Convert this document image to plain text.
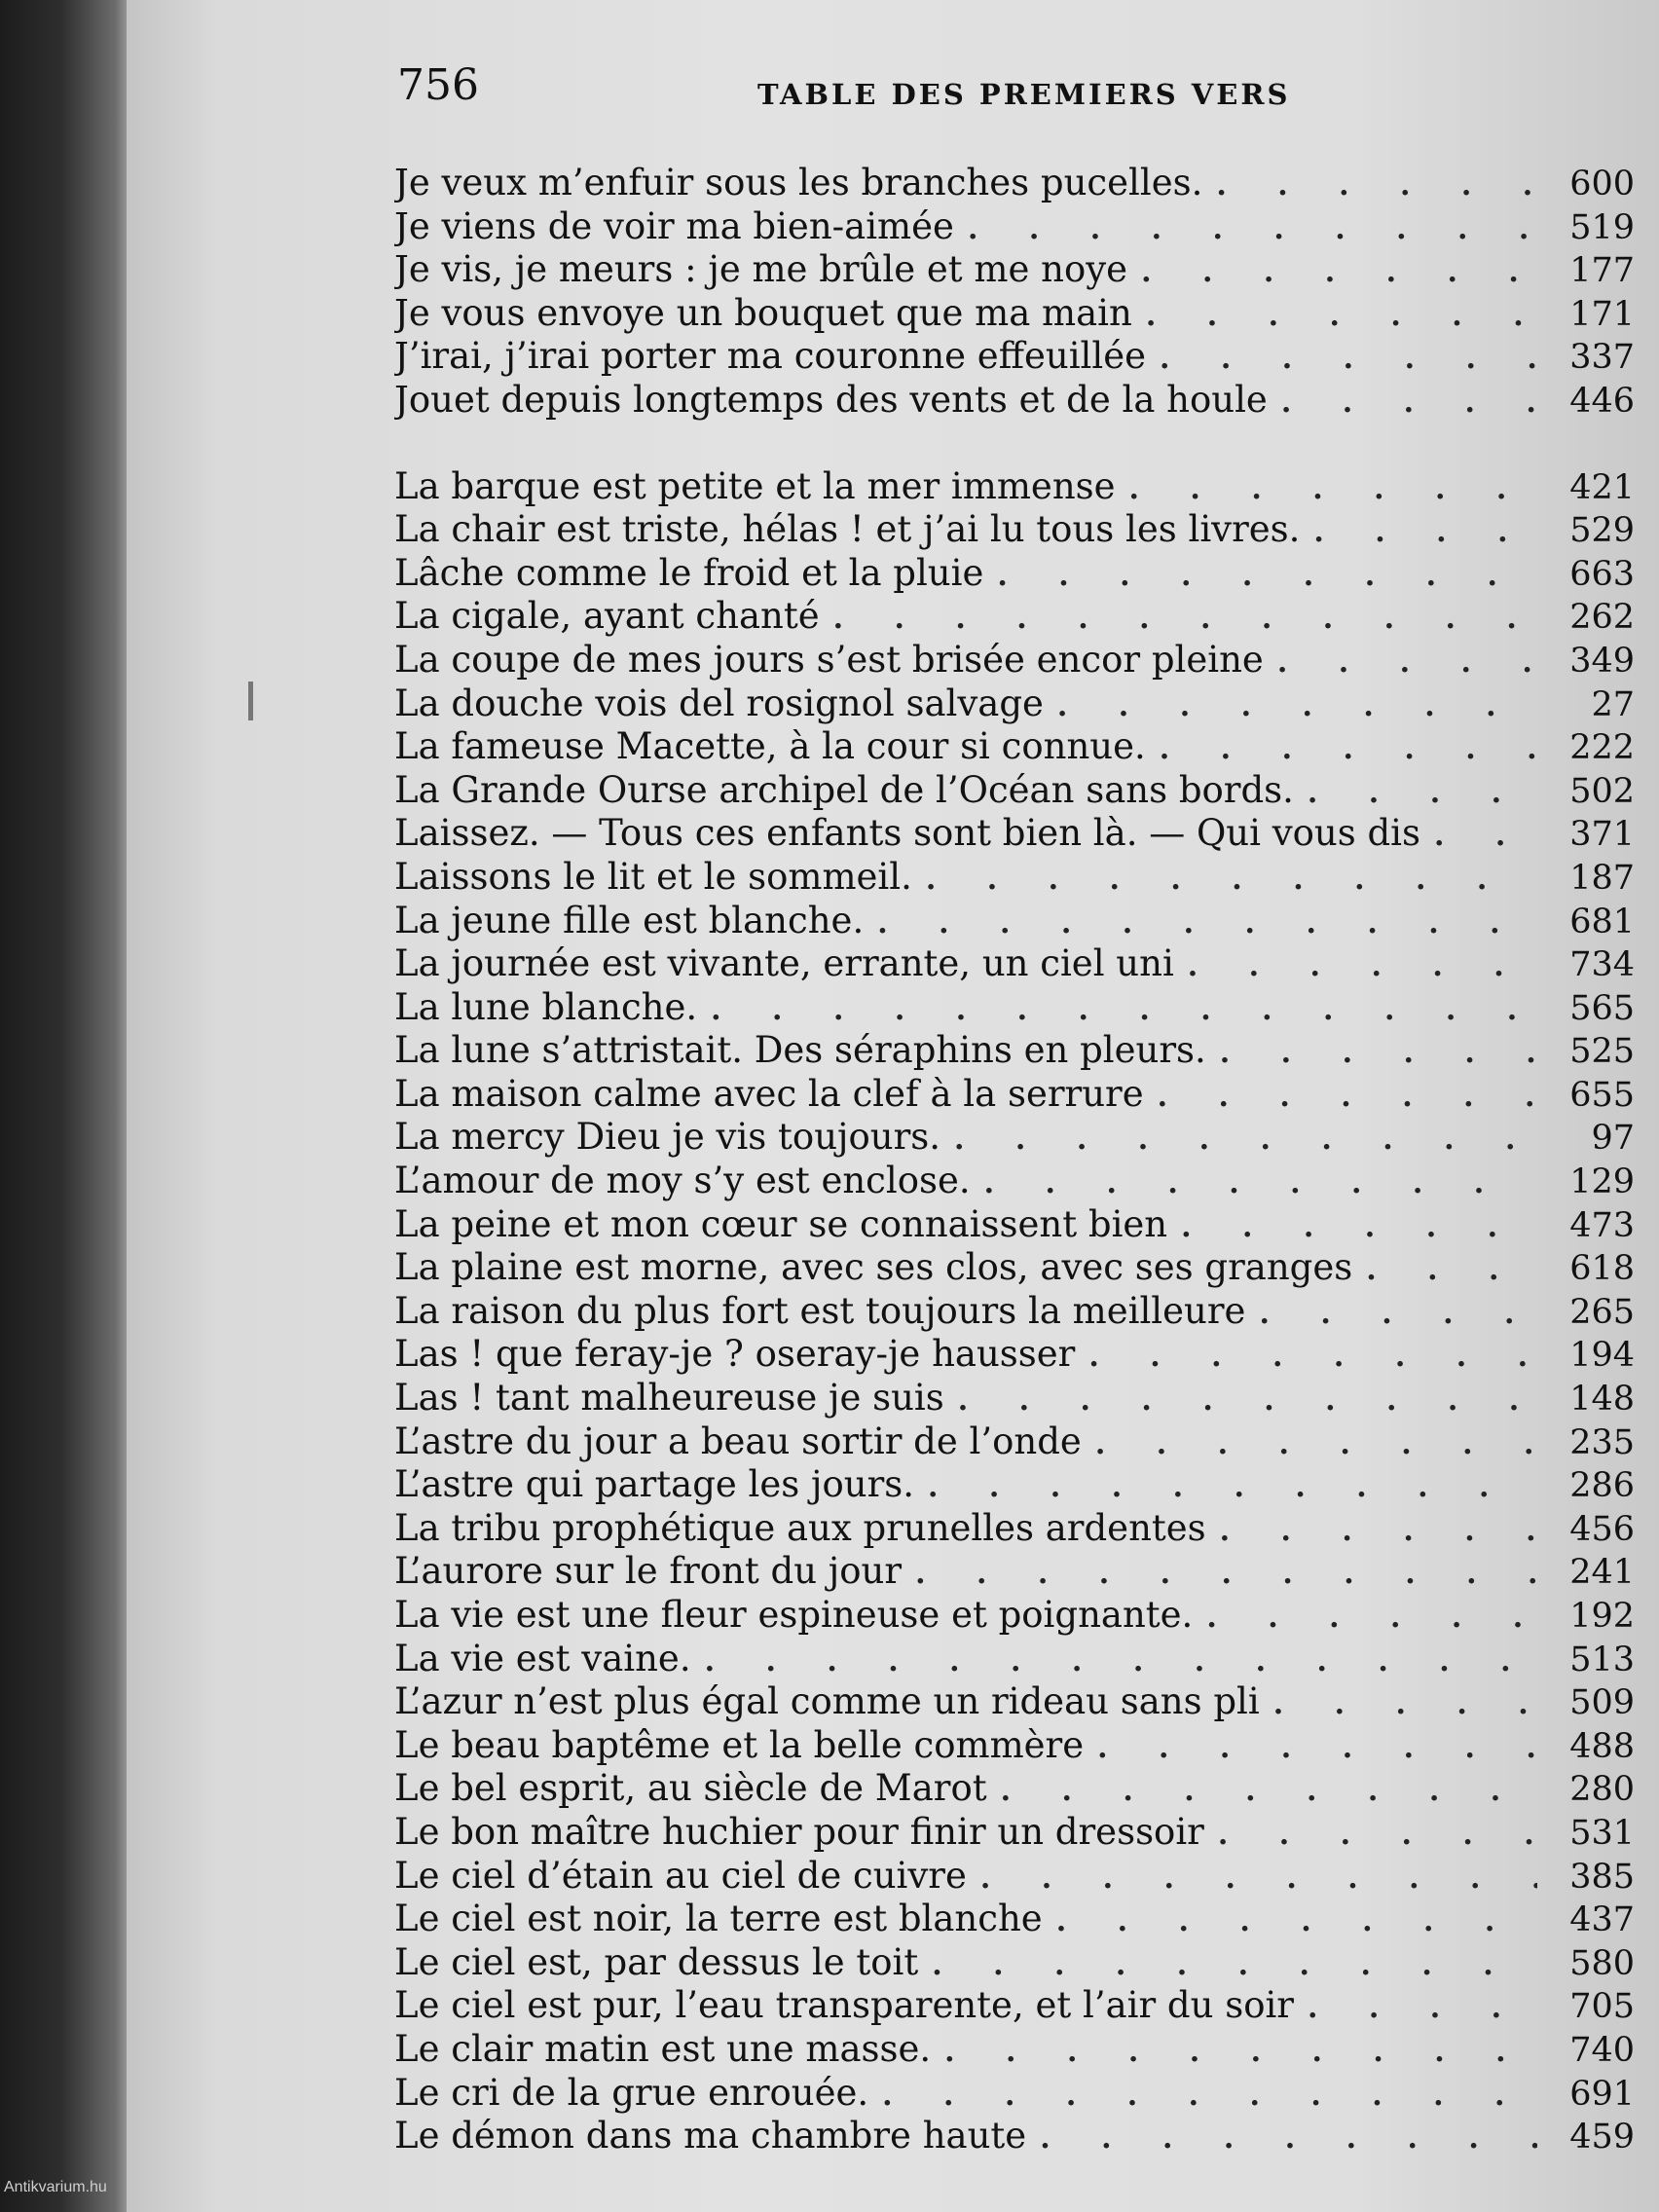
756	TABLE DES PREMIERS VERS
Je veux m’enfuir sous les branches pucelles. . . .	600
Je viens de voir ma bien-aimée . . .	519
Je vis, je meurs : je me brûle et me noye . . .	177
Je vous envoye un bouquet que ma main . . .	171
J’irai, j’irai porter ma couronne effeuillée . . .	337
Jouet depuis longtemps des vents et de la houle . . .	446
La barque est petite et la mer immense . . .	421
La chair est triste, hélas ! et j’ai lu tous les livres. . . .	529
Lâche comme le froid et la pluie . . .	663
La cigale, ayant chanté . . .	262
La coupe de mes jours s’est brisée encor pleine . . .	349
La douche vois del rosignol salvage . . .	27
La fameuse Macette, à la cour si connue. . . .	222
La Grande Ourse archipel de l’Océan sans bords. . . .	502
Laissez. — Tous ces enfants sont bien là. — Qui vous dis . . .	371
Laissons le lit et le sommeil. . . .	187
La jeune fille est blanche. . . .	681
La journée est vivante, errante, un ciel uni . . .	734
La lune blanche. . . .	565
La lune s’attristait. Des séraphins en pleurs. . . .	525
La maison calme avec la clef à la serrure . . .	655
La mercy Dieu je vis toujours. . . .	97
L’amour de moy s’y est enclose. . . .	129
La peine et mon cœur se connaissent bien . . .	473
La plaine est morne, avec ses clos, avec ses granges . . .	618
La raison du plus fort est toujours la meilleure . . .	265
Las ! que feray-je ? oseray-je hausser . . .	194
Las ! tant malheureuse je suis . . .	148
L’astre du jour a beau sortir de l’onde . . .	235
L’astre qui partage les jours. . . .	286
La tribu prophétique aux prunelles ardentes . . .	456
L’aurore sur le front du jour . . .	241
La vie est une fleur espineuse et poignante. . . .	192
La vie est vaine. . . .	513
L’azur n’est plus égal comme un rideau sans pli . . .	509
Le beau baptême et la belle commère . . .	488
Le bel esprit, au siècle de Marot . . .	280
Le bon maître huchier pour finir un dressoir . . .	531
Le ciel d’étain au ciel de cuivre . . .	385
Le ciel est noir, la terre est blanche . . .	437
Le ciel est, par dessus le toit . . .	580
Le ciel est pur, l’eau transparente, et l’air du soir . . .	705
Le clair matin est une masse. . . .	740
Le cri de la grue enrouée. . . .	691
Le démon dans ma chambre haute . . .	459
Antikvarium.hu
